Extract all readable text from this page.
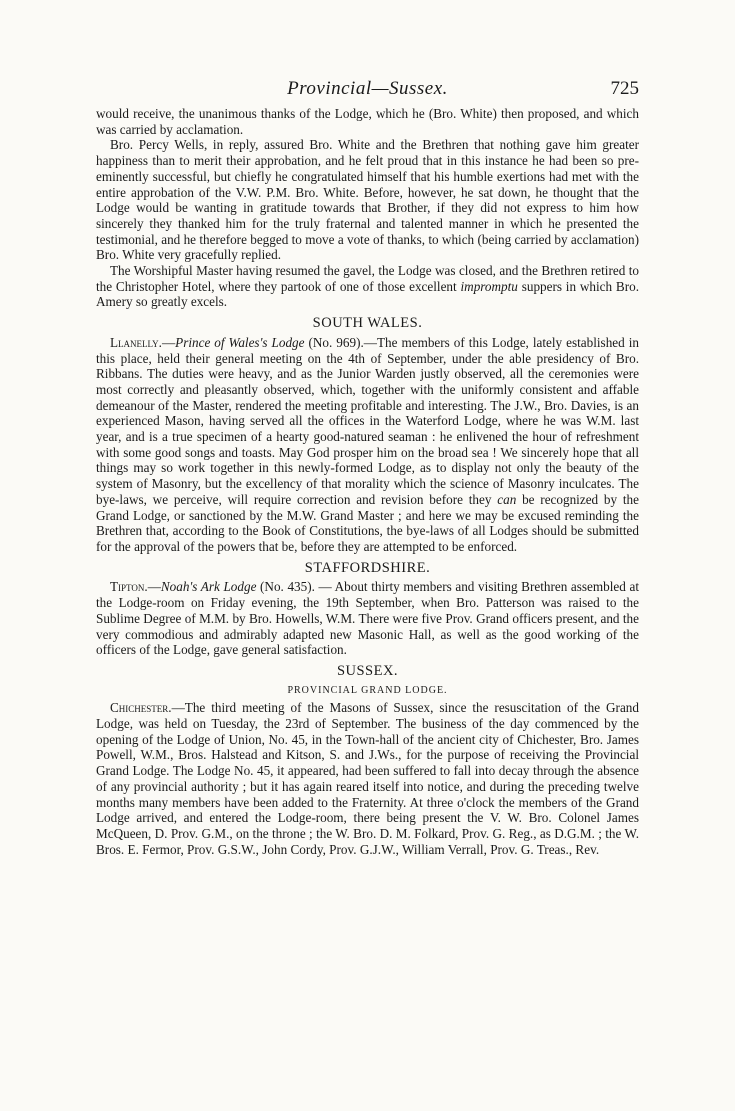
Provincial—Sussex.	725

would receive, the unanimous thanks of the Lodge, which he (Bro. White) then proposed, and which was carried by acclamation.

Bro. Percy Wells, in reply, assured Bro. White and the Brethren that nothing gave him greater happiness than to merit their approbation, and he felt proud that in this instance he had been so pre-eminently successful, but chiefly he congratulated himself that his humble exertions had met with the entire approbation of the V.W. P.M. Bro. White. Before, however, he sat down, he thought that the Lodge would be wanting in gratitude towards that Brother, if they did not express to him how sincerely they thanked him for the truly fraternal and talented manner in which he presented the testimonial, and he therefore begged to move a vote of thanks, to which (being carried by acclamation) Bro. White very gracefully replied.

The Worshipful Master having resumed the gavel, the Lodge was closed, and the Brethren retired to the Christopher Hotel, where they partook of one of those excellent impromptu suppers in which Bro. Amery so greatly excels.

SOUTH WALES.

Llanelly.—Prince of Wales's Lodge (No. 969).—The members of this Lodge, lately established in this place, held their general meeting on the 4th of September, under the able presidency of Bro. Ribbans. The duties were heavy, and as the Junior Warden justly observed, all the ceremonies were most correctly and pleasantly observed, which, together with the uniformly consistent and affable demeanour of the Master, rendered the meeting profitable and interesting. The J.W., Bro. Davies, is an experienced Mason, having served all the offices in the Waterford Lodge, where he was W.M. last year, and is a true specimen of a hearty good-natured seaman : he enlivened the hour of refreshment with some good songs and toasts. May God prosper him on the broad sea ! We sincerely hope that all things may so work together in this newly-formed Lodge, as to display not only the beauty of the system of Masonry, but the excellency of that morality which the science of Masonry inculcates. The bye-laws, we perceive, will require correction and revision before they can be recognized by the Grand Lodge, or sanctioned by the M.W. Grand Master ; and here we may be excused reminding the Brethren that, according to the Book of Constitutions, the bye-laws of all Lodges should be submitted for the approval of the powers that be, before they are attempted to be enforced.

STAFFORDSHIRE.

Tipton.—Noah's Ark Lodge (No. 435). — About thirty members and visiting Brethren assembled at the Lodge-room on Friday evening, the 19th September, when Bro. Patterson was raised to the Sublime Degree of M.M. by Bro. Howells, W.M. There were five Prov. Grand officers present, and the very commodious and admirably adapted new Masonic Hall, as well as the good working of the officers of the Lodge, gave general satisfaction.

SUSSEX.
PROVINCIAL GRAND LODGE.

Chichester.—The third meeting of the Masons of Sussex, since the resuscitation of the Grand Lodge, was held on Tuesday, the 23rd of September. The business of the day commenced by the opening of the Lodge of Union, No. 45, in the Town-hall of the ancient city of Chichester, Bro. James Powell, W.M., Bros. Halstead and Kitson, S. and J.Ws., for the purpose of receiving the Provincial Grand Lodge. The Lodge No. 45, it appeared, had been suffered to fall into decay through the absence of any provincial authority ; but it has again reared itself into notice, and during the preceding twelve months many members have been added to the Fraternity. At three o'clock the members of the Grand Lodge arrived, and entered the Lodge-room, there being present the V. W. Bro. Colonel James McQueen, D. Prov. G.M., on the throne ; the W. Bro. D. M. Folkard, Prov. G. Reg., as D.G.M. ; the W. Bros. E. Fermor, Prov. G.S.W., John Cordy, Prov. G.J.W., William Verrall, Prov. G. Treas., Rev.
